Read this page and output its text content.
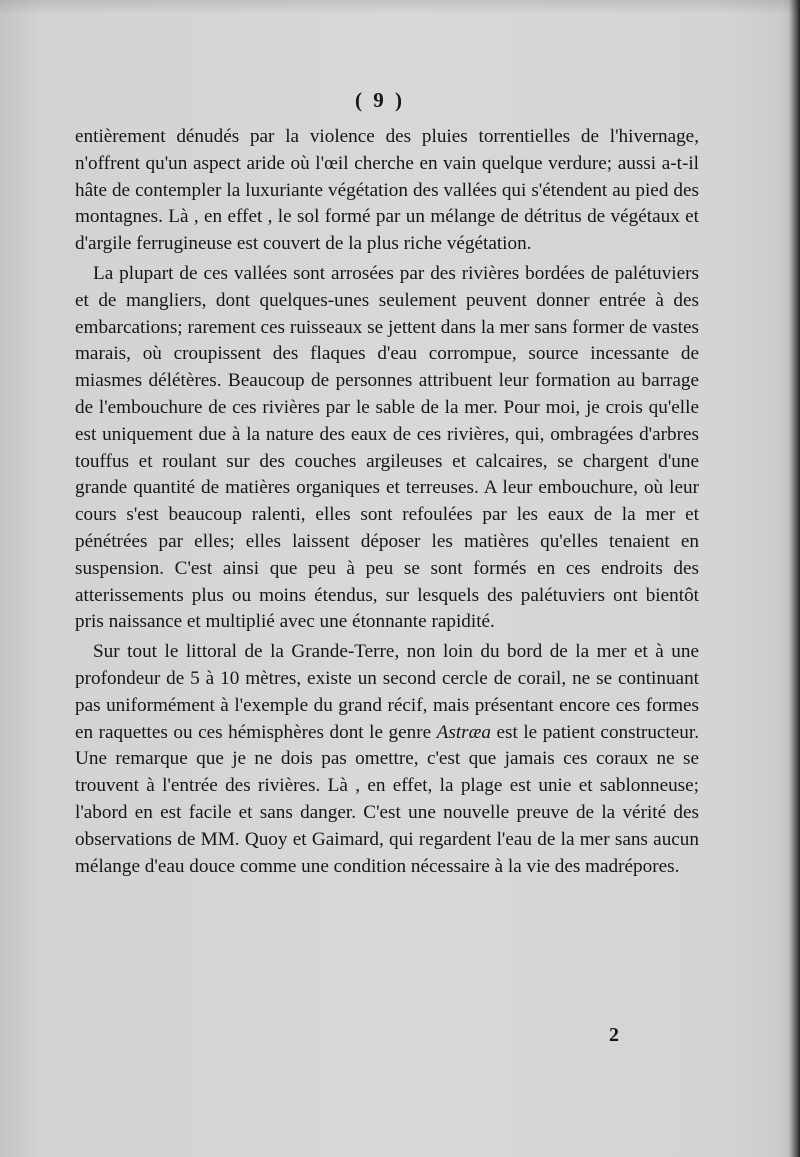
( 9 )

entièrement dénudés par la violence des pluies torrentielles de l'hivernage, n'offrent qu'un aspect aride où l'œil cherche en vain quelque verdure; aussi a-t-il hâte de contempler la luxuriante végétation des vallées qui s'étendent au pied des montagnes. Là , en effet , le sol formé par un mélange de détritus de végétaux et d'argile ferrugineuse est couvert de la plus riche végétation.

La plupart de ces vallées sont arrosées par des rivières bordées de palétuviers et de mangliers, dont quelques-unes seulement peuvent donner entrée à des embarcations; rarement ces ruisseaux se jettent dans la mer sans former de vastes marais, où croupissent des flaques d'eau corrompue, source incessante de miasmes délétères. Beaucoup de personnes attribuent leur formation au barrage de l'embouchure de ces rivières par le sable de la mer. Pour moi, je crois qu'elle est uniquement due à la nature des eaux de ces rivières, qui, ombragées d'arbres touffus et roulant sur des couches argileuses et calcaires, se chargent d'une grande quantité de matières organiques et terreuses. A leur embouchure, où leur cours s'est beaucoup ralenti, elles sont refoulées par les eaux de la mer et pénétrées par elles; elles laissent déposer les matières qu'elles tenaient en suspension. C'est ainsi que peu à peu se sont formés en ces endroits des atterissements plus ou moins étendus, sur lesquels des palétuviers ont bientôt pris naissance et multiplié avec une étonnante rapidité.

Sur tout le littoral de la Grande-Terre, non loin du bord de la mer et à une profondeur de 5 à 10 mètres, existe un second cercle de corail, ne se continuant pas uniformément à l'exemple du grand récif, mais présentant encore ces formes en raquettes ou ces hémisphères dont le genre Astræa est le patient constructeur. Une remarque que je ne dois pas omettre, c'est que jamais ces coraux ne se trouvent à l'entrée des rivières. Là , en effet, la plage est unie et sablonneuse; l'abord en est facile et sans danger. C'est une nouvelle preuve de la vérité des observations de MM. Quoy et Gaimard, qui regardent l'eau de la mer sans aucun mélange d'eau douce comme une condition nécessaire à la vie des madrépores.

2
